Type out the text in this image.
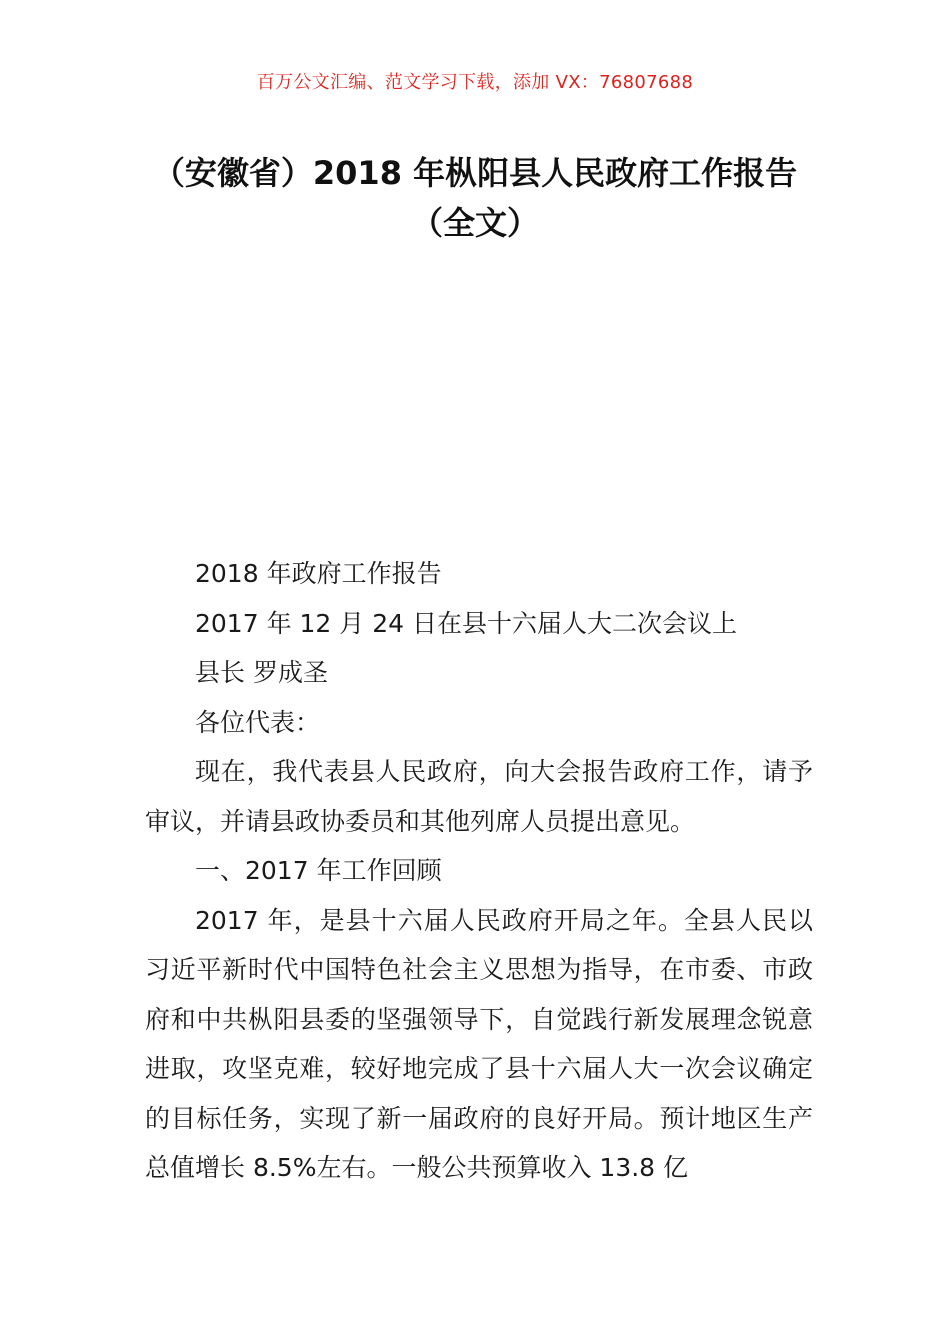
百万公文汇编、范文学习下载，添加 VX：76807688
（安徽省）2018 年枞阳县人民政府工作报告（全文）

2018 年政府工作报告

2017 年 12 月 24 日在县十六届人大二次会议上

县长 罗成圣

各位代表：

现在，我代表县人民政府，向大会报告政府工作，请予审议，并请县政协委员和其他列席人员提出意见。

一、2017 年工作回顾

2017 年，是县十六届人民政府开局之年。全县人民以习近平新时代中国特色社会主义思想为指导，在市委、市政府和中共枞阳县委的坚强领导下，自觉践行新发展理念锐意进取，攻坚克难，较好地完成了县十六届人大一次会议确定的目标任务，实现了新一届政府的良好开局。预计地区生产总值增长 8.5%左右。一般公共预算收入 13.8 亿
